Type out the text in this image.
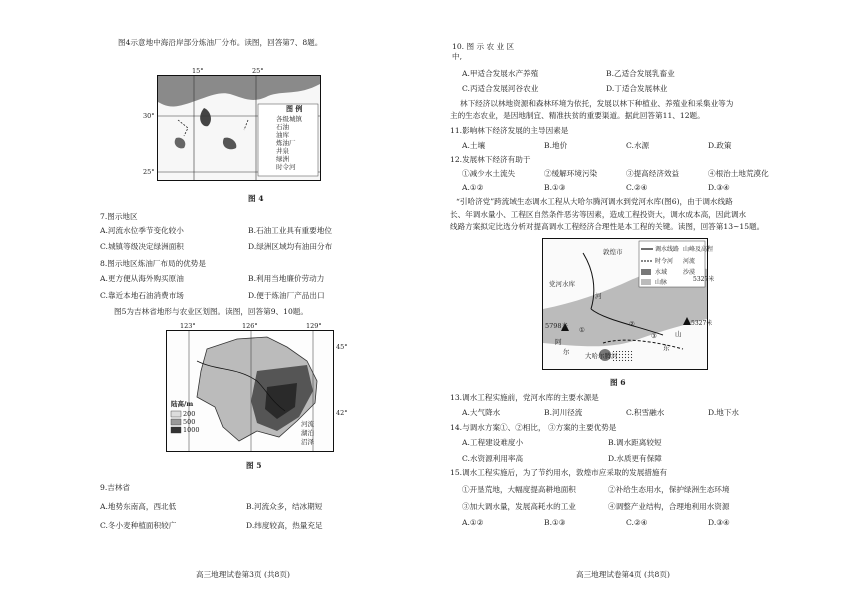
图4示意地中海沿岸部分炼油厂分布。读图，回答第7、8题。
图 例
各级城镇
石油
油库
炼油厂
井泉
绿洲
时令河
15°	25°
30°
25°
图 4
7.图示地区
A.河流水位季节变化较小	B.石油工业具有重要地位
C.城镇等级决定绿洲面积	D.绿洲区域均有油田分布
8.图示地区炼油厂布局的优势是
A.更方便从海外购买原油	B.利用当地廉价劳动力
C.靠近本地石油消费市场	D.便于炼油厂产品出口
图5为吉林省地形与农业区划图。读图，回答第9、10题。
陆高/m
200
500
1000
河流
湖泊
沼泽
123°	126°	129°
45°
42°
图 5
9.吉林省
A.地势东南高，西北低	B.河流众多，结冰期短
C.冬小麦种植面积较广	D.纬度较高，热量充足
高三地理试卷第3页 (共8页)
10. 图 示 农 业 区
中,
A.甲适合发展水产养殖	B.乙适合发展乳畜业
C.丙适合发展河谷农业	D.丁适合发展林业
林下经济以林地资源和森林环境为依托，发展以林下种植业、养殖业和采集业等为
主的生态农业，是因地制宜、精准扶贫的重要渠道。据此回答第11、12题。
11.影响林下经济发展的主导因素是
A.土壤	B.地价	C.水源	D.政策
12.发展林下经济有助于
①减少水土流失	②缓解环境污染	③提高经济效益	④根治土地荒漠化
A.①②	B.①③	C.②④	D.③④
“引哈济党”跨流域生态调水工程从大哈尔腾河调水到党河水库(图6)，由于调水线路
长、年调水量小、工程区自然条件恶劣等因素，造成工程投资大，调水成本高，因此调水
线路方案拟定比选分析对提高调水工程经济合理性是本工程的关键。读图，回答第13~15题。
敦煌市
党河水库
河
东
山
5798米	5327米
阿
尔 大哈尔腾河
调水线路 山峰及高程
时令河 河流
水域	沙漠
山脉	5327米
①
②
③
图 6
13.调水工程实施前，党河水库的主要水源是
A.大气降水	B.河川径流	C.积雪融水	D.地下水
14.与调水方案①、②相比， ③方案的主要优势是
A.工程建设难度小	B.调水距离较短
C.水资源利用率高	D.水质更有保障
15.调水工程实施后，为了节约用水，敦煌市应采取的发展措施有
①开垦荒地，大幅度提高耕地面积	②补给生态用水，保护绿洲生态环境
③加大调水量，发展高耗水的工业	④调整产业结构，合理地利用水资源
A.①②	B.①③	C.②④	D.③④
高三地理试卷第4页 (共8页)
